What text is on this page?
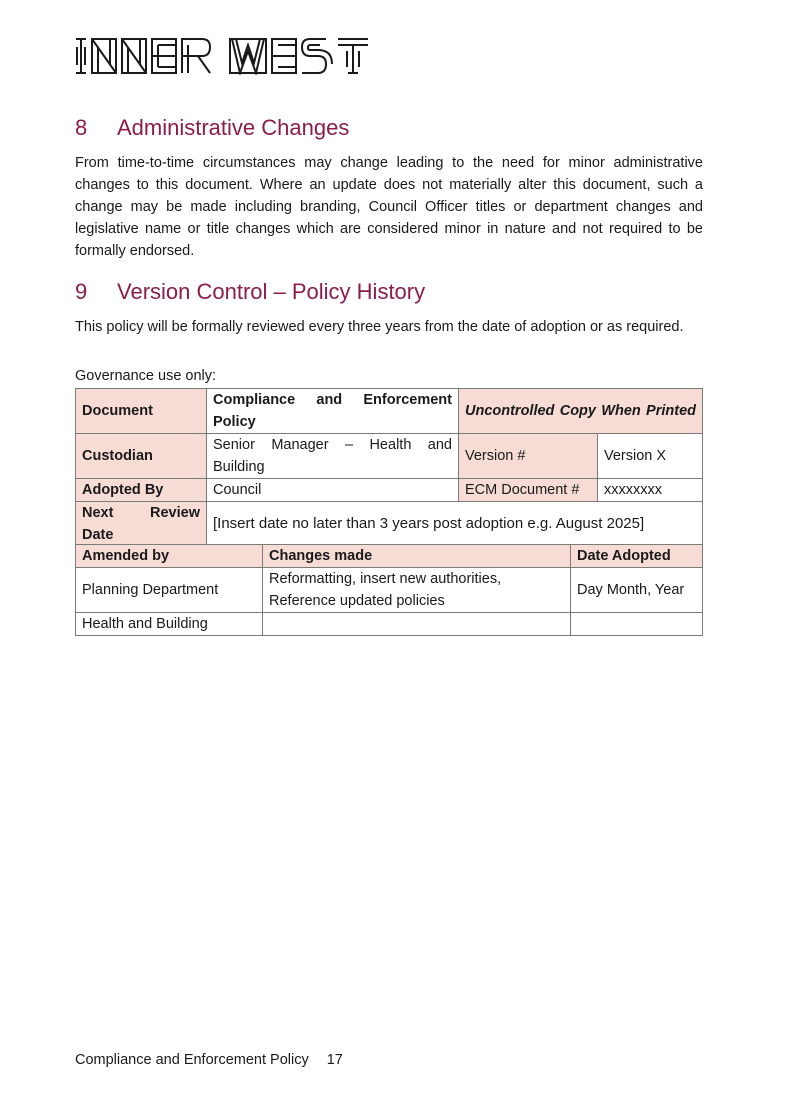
8 Administrative Changes

From time-to-time circumstances may change leading to the need for minor administrative changes to this document. Where an update does not materially alter this document, such a change may be made including branding, Council Officer titles or department changes and legislative name or title changes which are considered minor in nature and not required to be formally endorsed.

9 Version Control – Policy History

This policy will be formally reviewed every three years from the date of adoption or as required.

Governance use only:

Document	Compliance and Enforcement Policy	Uncontrolled Copy When Printed	
Custodian	Senior Manager – Health and Building	Version #	Version X
Adopted By	Council	ECM Document #	xxxxxxxx
Next Review Date	[Insert date no later than 3 years post adoption e.g. August 2025]		
Amended by	Changes made	Date Adopted
Planning Department	Reformatting, insert new authorities, Reference updated policies	Day Month, Year
Health and Building		
Compliance and Enforcement Policy 17
